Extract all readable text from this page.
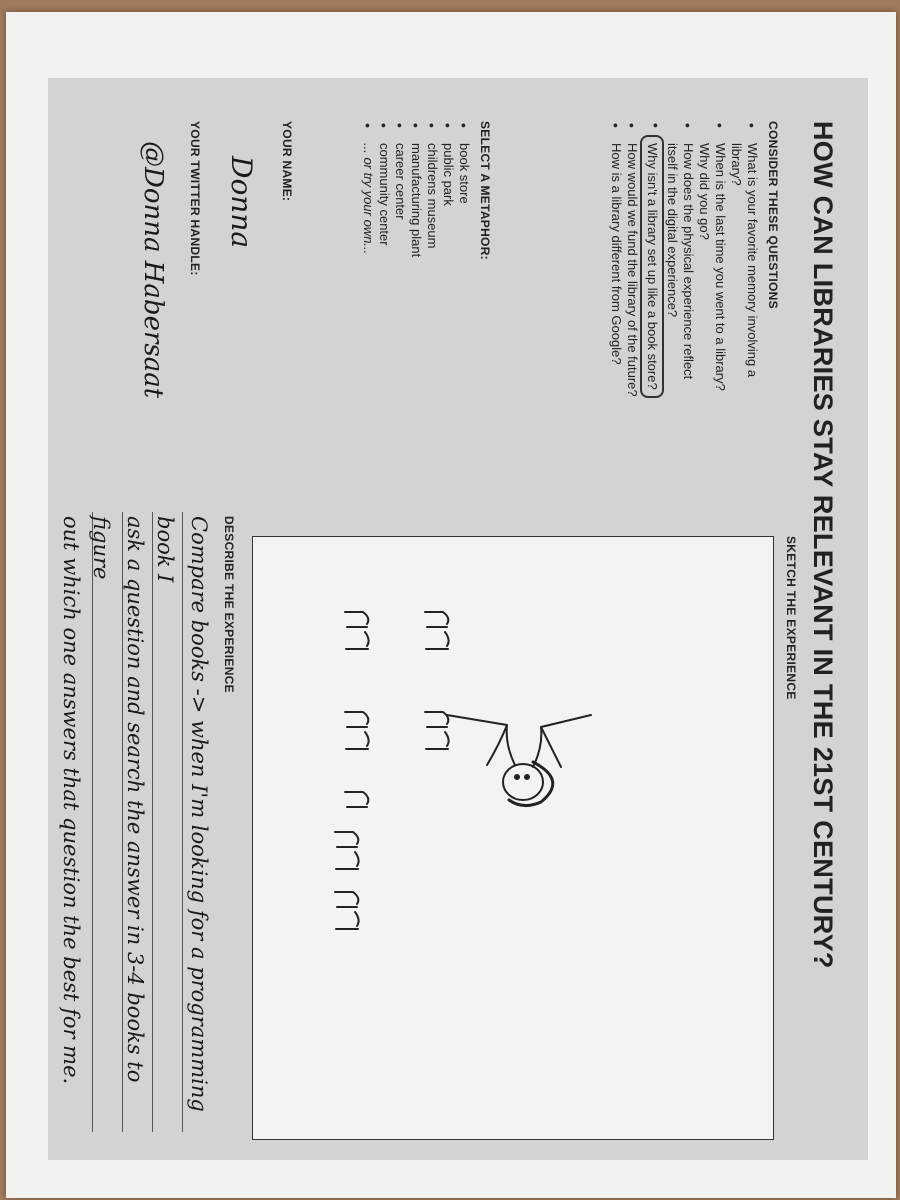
HOW CAN LIBRARIES STAY RELEVANT IN THE 21ST CENTURY?
CONSIDER THESE QUESTIONS
• What is your favorite memory involving a library?
• When is the last time you went to a library? Why did you go?
• How does the physical experience reflect itself in the digital experience?
• Why isn't a library set up like a book store?
• How would we fund the library of the future?
• How is a library different from Google?
SELECT A METAPHOR:
• book store
• public park
• childrens museum
• manufacturing plant
• career center
• community center
• ... or try your own...
YOUR NAME:
Donna
YOUR TWITTER HANDLE:
@Donna Habersaat
SKETCH THE EXPERIENCE
DESCRIBE THE EXPERIENCE
Compare books -> when I'm looking for a programming book I
ask a question and search the answer in 3-4 books to figure
out which one answers that question the best for me.
